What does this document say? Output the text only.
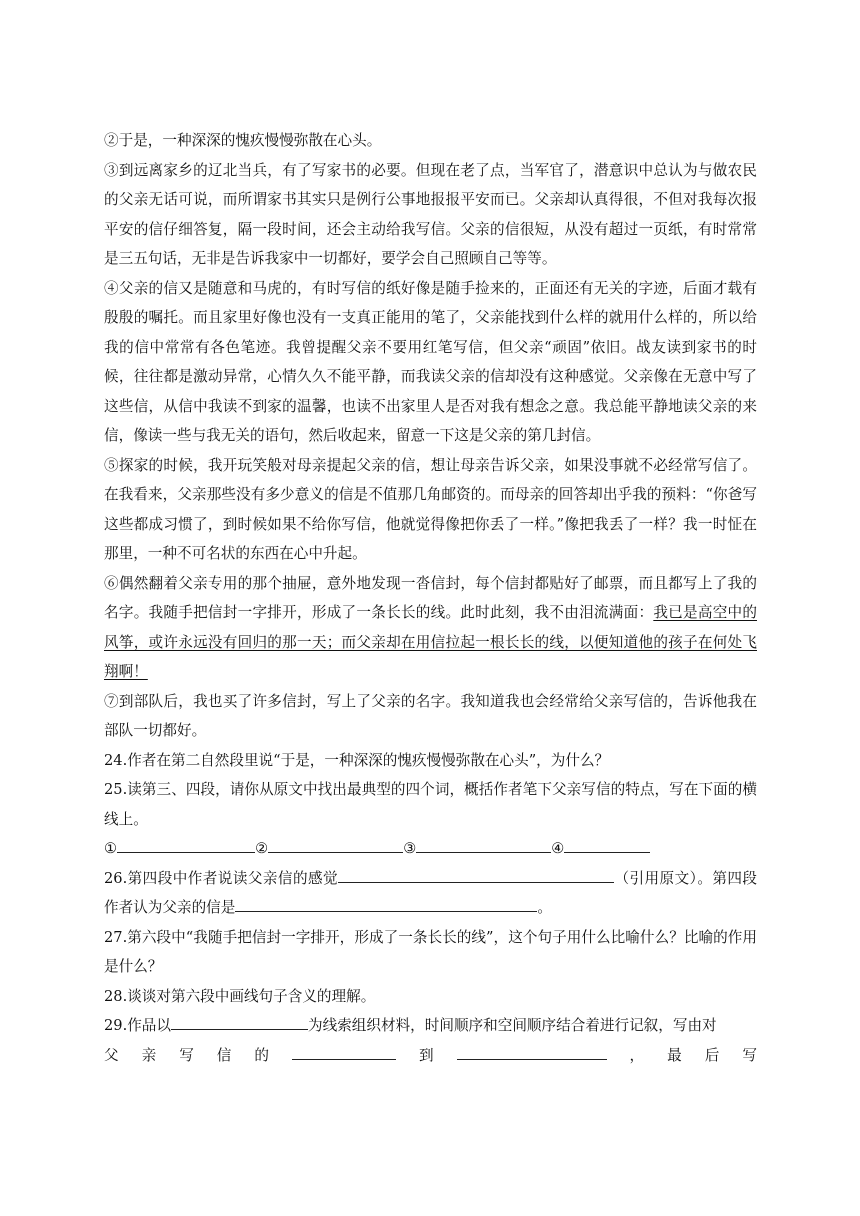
②于是，一种深深的愧疚慢慢弥散在心头。

③到远离家乡的辽北当兵，有了写家书的必要。但现在老了点，当军官了，潜意识中总认为与做农民的父亲无话可说，而所谓家书其实只是例行公事地报报平安而已。父亲却认真得很，不但对我每次报平安的信仔细答复，隔一段时间，还会主动给我写信。父亲的信很短，从没有超过一页纸，有时常常是三五句话，无非是告诉我家中一切都好，要学会自己照顾自己等等。

④父亲的信又是随意和马虎的，有时写信的纸好像是随手捡来的，正面还有无关的字迹，后面才载有殷殷的嘱托。而且家里好像也没有一支真正能用的笔了，父亲能找到什么样的就用什么样的，所以给我的信中常常有各色笔迹。我曾提醒父亲不要用红笔写信，但父亲“顽固”依旧。战友读到家书的时候，往往都是激动异常，心情久久不能平静，而我读父亲的信却没有这种感觉。父亲像在无意中写了这些信，从信中我读不到家的温馨，也读不出家里人是否对我有想念之意。我总能平静地读父亲的来信，像读一些与我无关的语句，然后收起来，留意一下这是父亲的第几封信。

⑤探家的时候，我开玩笑般对母亲提起父亲的信，想让母亲告诉父亲，如果没事就不必经常写信了。在我看来，父亲那些没有多少意义的信是不值那几角邮资的。而母亲的回答却出乎我的预料：“你爸写这些都成习惯了，到时候如果不给你写信，他就觉得像把你丢了一样。”像把我丢了一样？我一时怔在那里，一种不可名状的东西在心中升起。

⑥偶然翻着父亲专用的那个抽屉，意外地发现一沓信封，每个信封都贴好了邮票，而且都写上了我的名字。我随手把信封一字排开，形成了一条长长的线。此时此刻，我不由泪流满面：我已是高空中的风筝，或许永远没有回归的那一天；而父亲却在用信拉起一根长长的线，以便知道他的孩子在何处飞翔啊！

⑦到部队后，我也买了许多信封，写上了父亲的名字。我知道我也会经常给父亲写信的，告诉他我在部队一切都好。

24.作者在第二自然段里说“于是，一种深深的愧疚慢慢弥散在心头”，为什么？

25.读第三、四段，请你从原文中找出最典型的四个词，概括作者笔下父亲写信的特点，写在下面的横线上。

①	②	③	④

26.第四段中作者说读父亲信的感觉	（引用原文）。第四段作者认为父亲的信是	。

27.第六段中“我随手把信封一字排开，形成了一条长长的线”，这个句子用什么比喻什么？比喻的作用是什么？

28.谈谈对第六段中画线句子含义的理解。

29.作品以	为线索组织材料，时间顺序和空间顺序结合着进行记叙，写由对

父 亲 写 信 的	到	， 最 后 写
